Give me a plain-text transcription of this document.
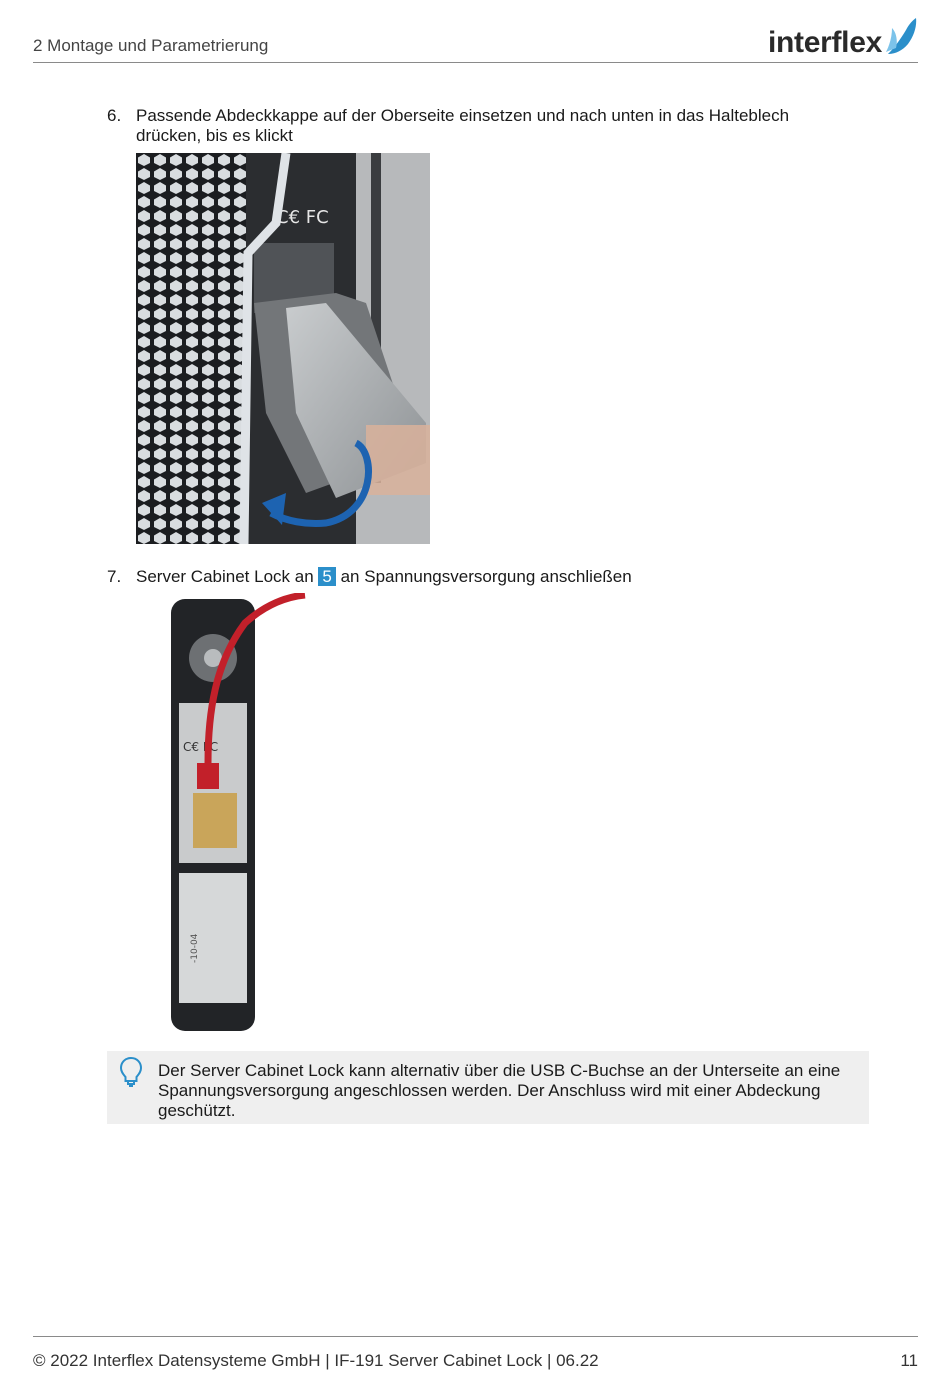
2 Montage und Parametrierung	interflex
6. Passende Abdeckkappe auf der Oberseite einsetzen und nach unten in das Halteblech drücken, bis es klickt
C€ FC
7. Server Cabinet Lock an 5 an Spannungsversorgung anschließen
C€ FC
-10-04
Der Server Cabinet Lock kann alternativ über die USB C-Buchse an der Unterseite an eine Spannungsversorgung angeschlossen werden. Der Anschluss wird mit einer Abdeckung geschützt.
© 2022 Interflex Datensysteme GmbH | IF-191 Server Cabinet Lock | 06.22	11
